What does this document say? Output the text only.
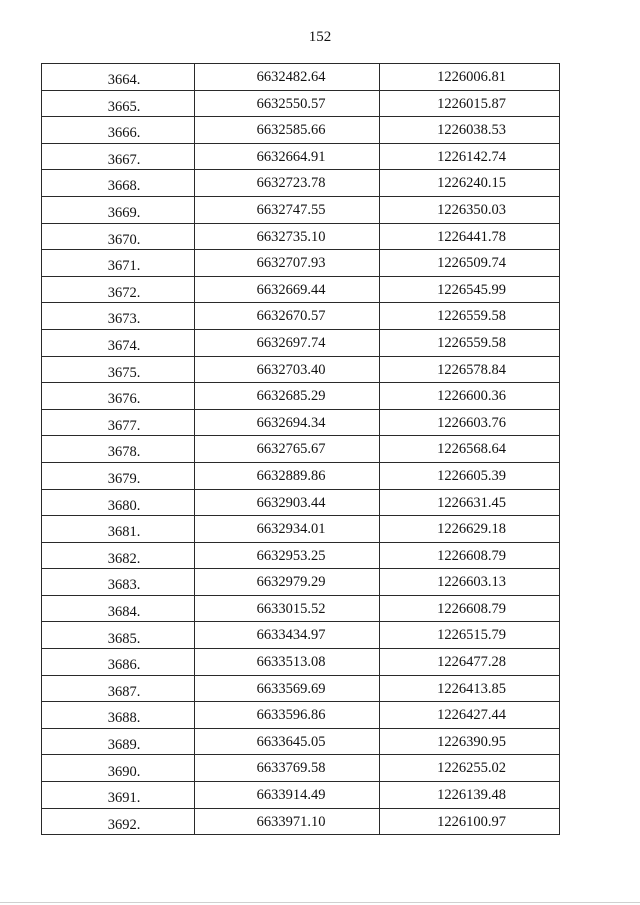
152
3664.	6632482.64	1226006.81
3665.	6632550.57	1226015.87
3666.	6632585.66	1226038.53
3667.	6632664.91	1226142.74
3668.	6632723.78	1226240.15
3669.	6632747.55	1226350.03
3670.	6632735.10	1226441.78
3671.	6632707.93	1226509.74
3672.	6632669.44	1226545.99
3673.	6632670.57	1226559.58
3674.	6632697.74	1226559.58
3675.	6632703.40	1226578.84
3676.	6632685.29	1226600.36
3677.	6632694.34	1226603.76
3678.	6632765.67	1226568.64
3679.	6632889.86	1226605.39
3680.	6632903.44	1226631.45
3681.	6632934.01	1226629.18
3682.	6632953.25	1226608.79
3683.	6632979.29	1226603.13
3684.	6633015.52	1226608.79
3685.	6633434.97	1226515.79
3686.	6633513.08	1226477.28
3687.	6633569.69	1226413.85
3688.	6633596.86	1226427.44
3689.	6633645.05	1226390.95
3690.	6633769.58	1226255.02
3691.	6633914.49	1226139.48
3692.	6633971.10	1226100.97
